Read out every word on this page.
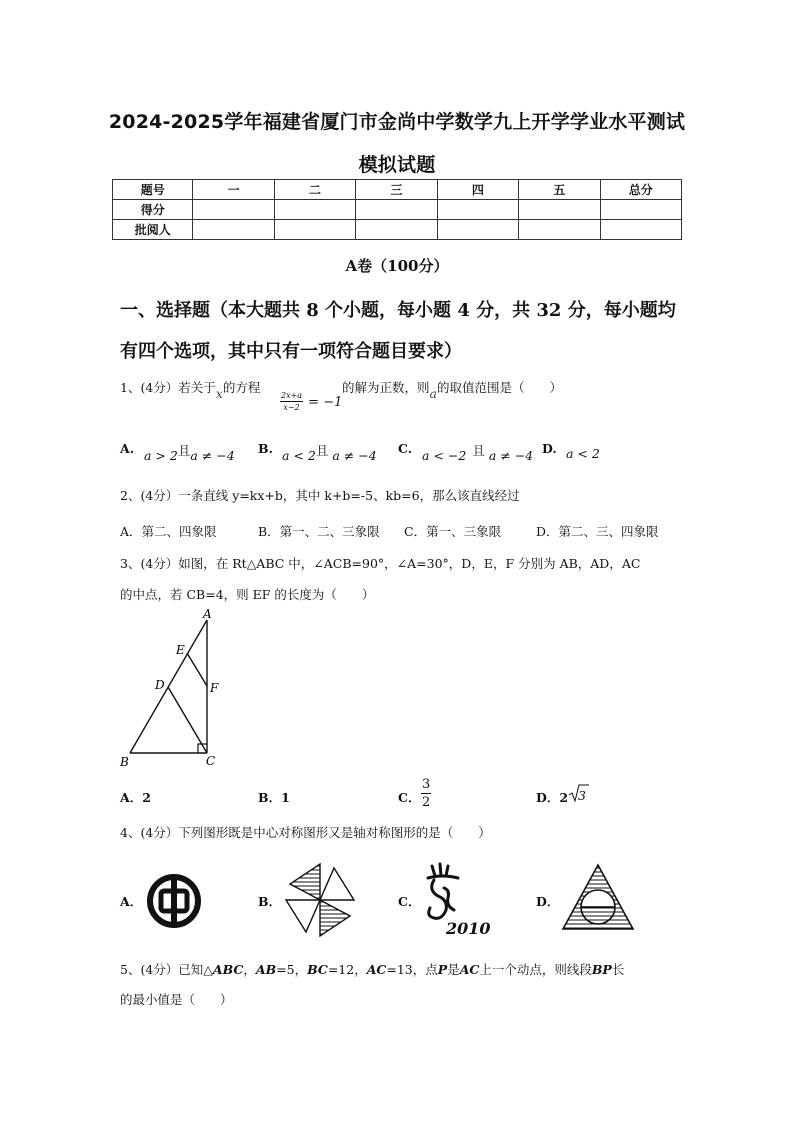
2024-2025学年福建省厦门市金尚中学数学九上开学学业水平测试
模拟试题
题号	一	二	三	四	五	总分
得分						
批阅人						
A卷（100分）
一、选择题（本大题共 8 个小题，每小题 4 分，共 32 分，每小题均
有四个选项，其中只有一项符合题目要求）
1、(4分）若关于x的方程
$\frac{2x+a}{x-2} = -1$
的解为正数，则a的取值范围是（　　）
A. a > 2且a ≠ −4 B. a < 2且 a ≠ −4 C. a < −2 且 a ≠ −4 D. a < 2
2、(4分）一条直线 y=kx+b，其中 k+b=-5、kb=6，那么该直线经过
A．第二、四象限	B．第一、二、三象限 C．第一、三象限	D．第二、三、四象限
3、(4分）如图，在 Rt△ABC 中，∠ACB=90°，∠A=30°，D，E，F 分别为 AB，AD，AC
的中点，若 CB=4，则 EF 的长度为（　　）
A
E
F
D
B	C
A．2	B．1	C． $\frac{3}{2}$	D．2 3
4、(4分）下列图形既是中心对称图形又是轴对称图形的是（　　）
A．	B．	C．
2010
D．
5、(4分）已知△ABC，AB=5，BC=12，AC=13，点P是AC上一个动点，则线段BP长
的最小值是（　　）
